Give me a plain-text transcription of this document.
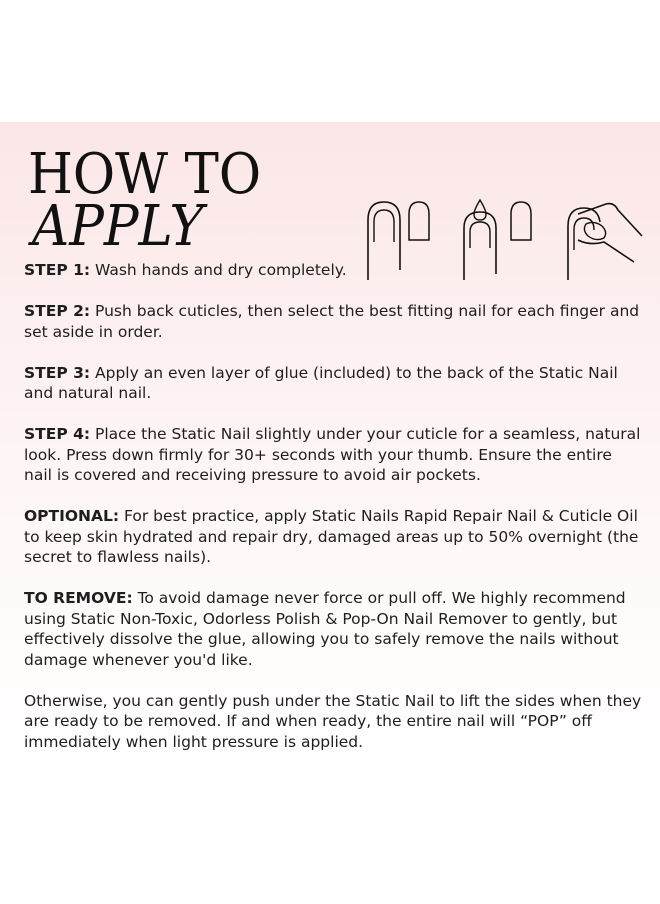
HOW TO
APPLY

STEP 1: Wash hands and dry completely.

STEP 2: Push back cuticles, then select the best fitting nail for each finger and set aside in order.

STEP 3: Apply an even layer of glue (included) to the back of the Static Nail and natural nail.

STEP 4: Place the Static Nail slightly under your cuticle for a seamless, natural look. Press down firmly for 30+ seconds with your thumb. Ensure the entire nail is covered and receiving pressure to avoid air pockets.

OPTIONAL: For best practice, apply Static Nails Rapid Repair Nail & Cuticle Oil to keep skin hydrated and repair dry, damaged areas up to 50% overnight (the secret to flawless nails).

TO REMOVE: To avoid damage never force or pull off. We highly recommend using Static Non-Toxic, Odorless Polish & Pop-On Nail Remover to gently, but effectively dissolve the glue, allowing you to safely remove the nails without damage whenever you'd like.

Otherwise, you can gently push under the Static Nail to lift the sides when they are ready to be removed. If and when ready, the entire nail will “POP” off immediately when light pressure is applied.
